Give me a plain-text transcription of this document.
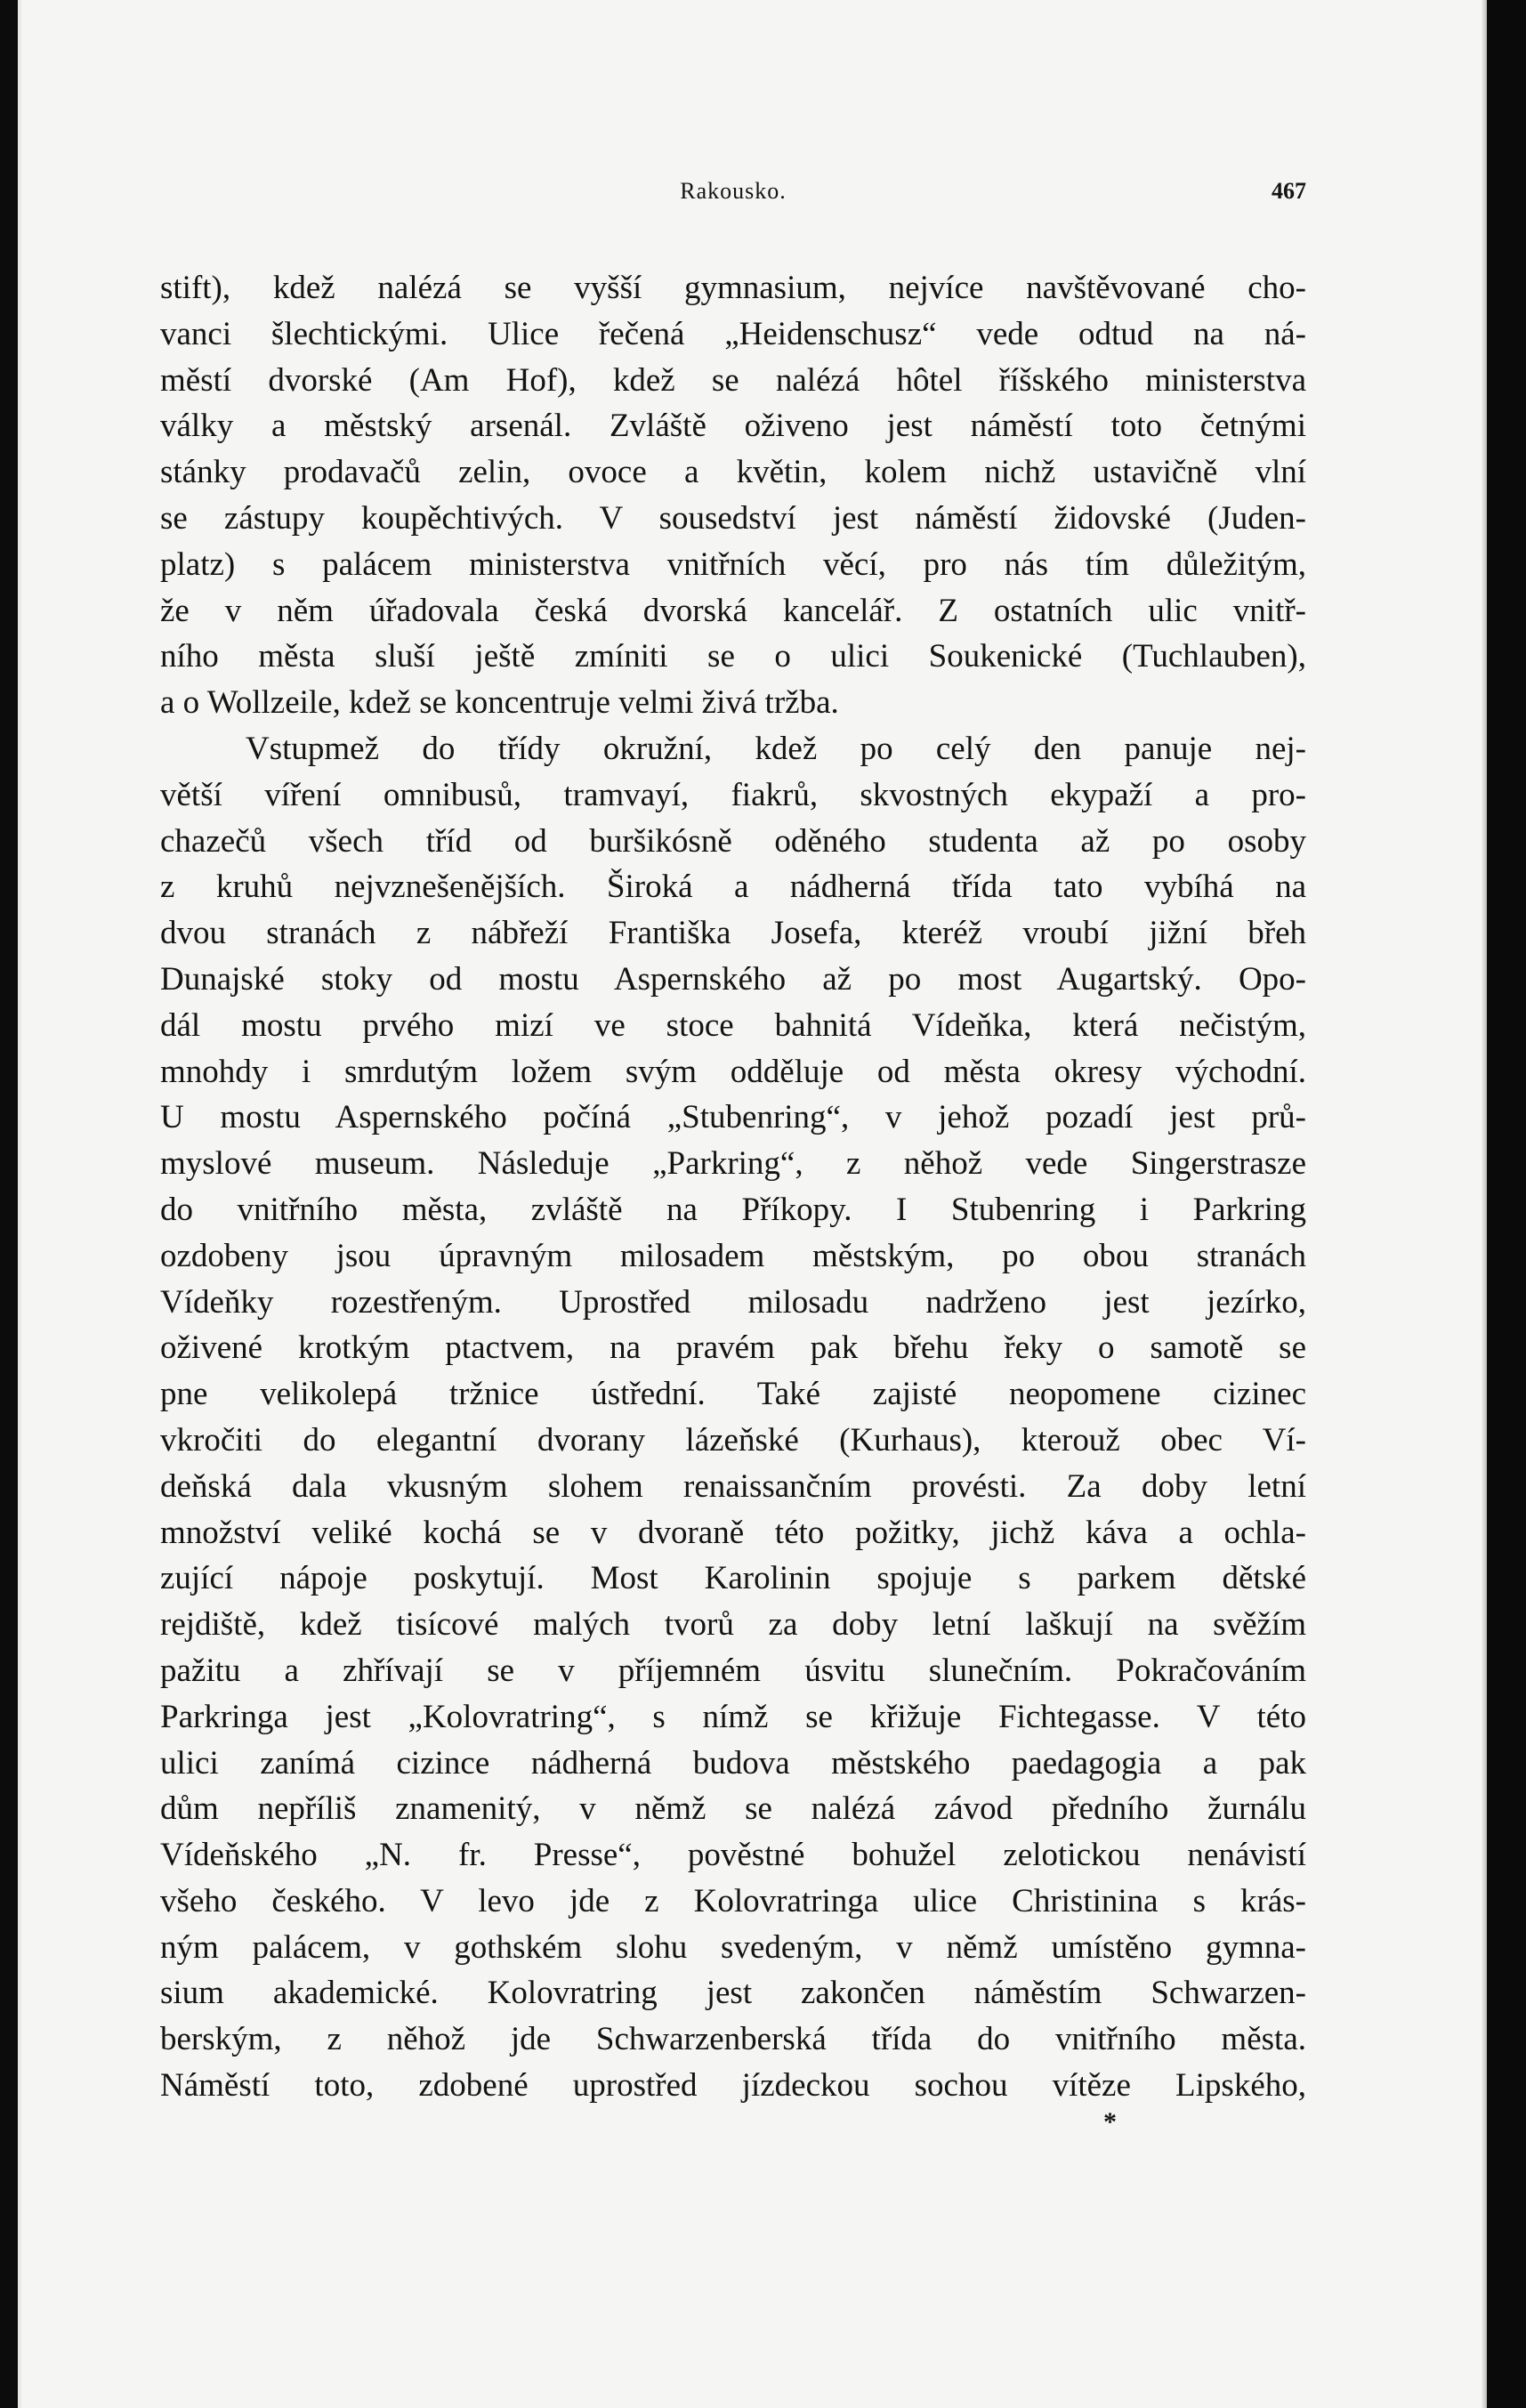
Rakousko.	467
stift), kdež nalézá se vyšší gymnasium, nejvíce navštěvované cho-
vanci šlechtickými. Ulice řečená „Heidenschusz“ vede odtud na ná-
městí dvorské (Am Hof), kdež se nalézá hôtel říšského ministerstva
války a městský arsenál. Zvláště oživeno jest náměstí toto četnými
stánky prodavačů zelin, ovoce a květin, kolem nichž ustavičně vlní
se zástupy koupěchtivých. V sousedství jest náměstí židovské (Juden-
platz) s palácem ministerstva vnitřních věcí, pro nás tím důležitým,
že v něm úřadovala česká dvorská kancelář. Z ostatních ulic vnitř-
ního města sluší ještě zmíniti se o ulici Soukenické (Tuchlauben),
a o Wollzeile, kdež se koncentruje velmi živá tržba.
Vstupmež do třídy okružní, kdež po celý den panuje nej-
větší víření omnibusů, tramvayí, fiakrů, skvostných ekypaží a pro-
chazečů všech tříd od buršikósně oděného studenta až po osoby
z kruhů nejvznešenějších. Široká a nádherná třída tato vybíhá na
dvou stranách z nábřeží Františka Josefa, kteréž vroubí jižní břeh
Dunajské stoky od mostu Aspernského až po most Augartský. Opo-
dál mostu prvého mizí ve stoce bahnitá Vídeňka, která nečistým,
mnohdy i smrdutým ložem svým odděluje od města okresy východní.
U mostu Aspernského počíná „Stubenring“, v jehož pozadí jest prů-
myslové museum. Následuje „Parkring“, z něhož vede Singerstrasze
do vnitřního města, zvláště na Příkopy. I Stubenring i Parkring
ozdobeny jsou úpravným milosadem městským, po obou stranách
Vídeňky rozestřeným. Uprostřed milosadu nadrženo jest jezírko,
oživené krotkým ptactvem, na pravém pak břehu řeky o samotě se
pne velikolepá tržnice ústřední. Také zajisté neopomene cizinec
vkročiti do elegantní dvorany lázeňské (Kurhaus), kterouž obec Ví-
deňská dala vkusným slohem renaissančním provésti. Za doby letní
množství veliké kochá se v dvoraně této požitky, jichž káva a ochla-
zující nápoje poskytují. Most Karolinin spojuje s parkem dětské
rejdiště, kdež tisícové malých tvorů za doby letní laškují na svěžím
pažitu a zhřívají se v příjemném úsvitu slunečním. Pokračováním
Parkringa jest „Kolovratring“, s nímž se křižuje Fichtegasse. V této
ulici zanímá cizince nádherná budova městského paedagogia a pak
dům nepříliš znamenitý, v němž se nalézá závod předního žurnálu
Vídeňského „N. fr. Presse“, pověstné bohužel zelotickou nenávistí
všeho českého. V levo jde z Kolovratringa ulice Christinina s krás-
ným palácem, v gothském slohu svedeným, v němž umístěno gymna-
sium akademické. Kolovratring jest zakončen náměstím Schwarzen-
berským, z něhož jde Schwarzenberská třída do vnitřního města.
Náměstí toto, zdobené uprostřed jízdeckou sochou vítěze Lipského,
*
